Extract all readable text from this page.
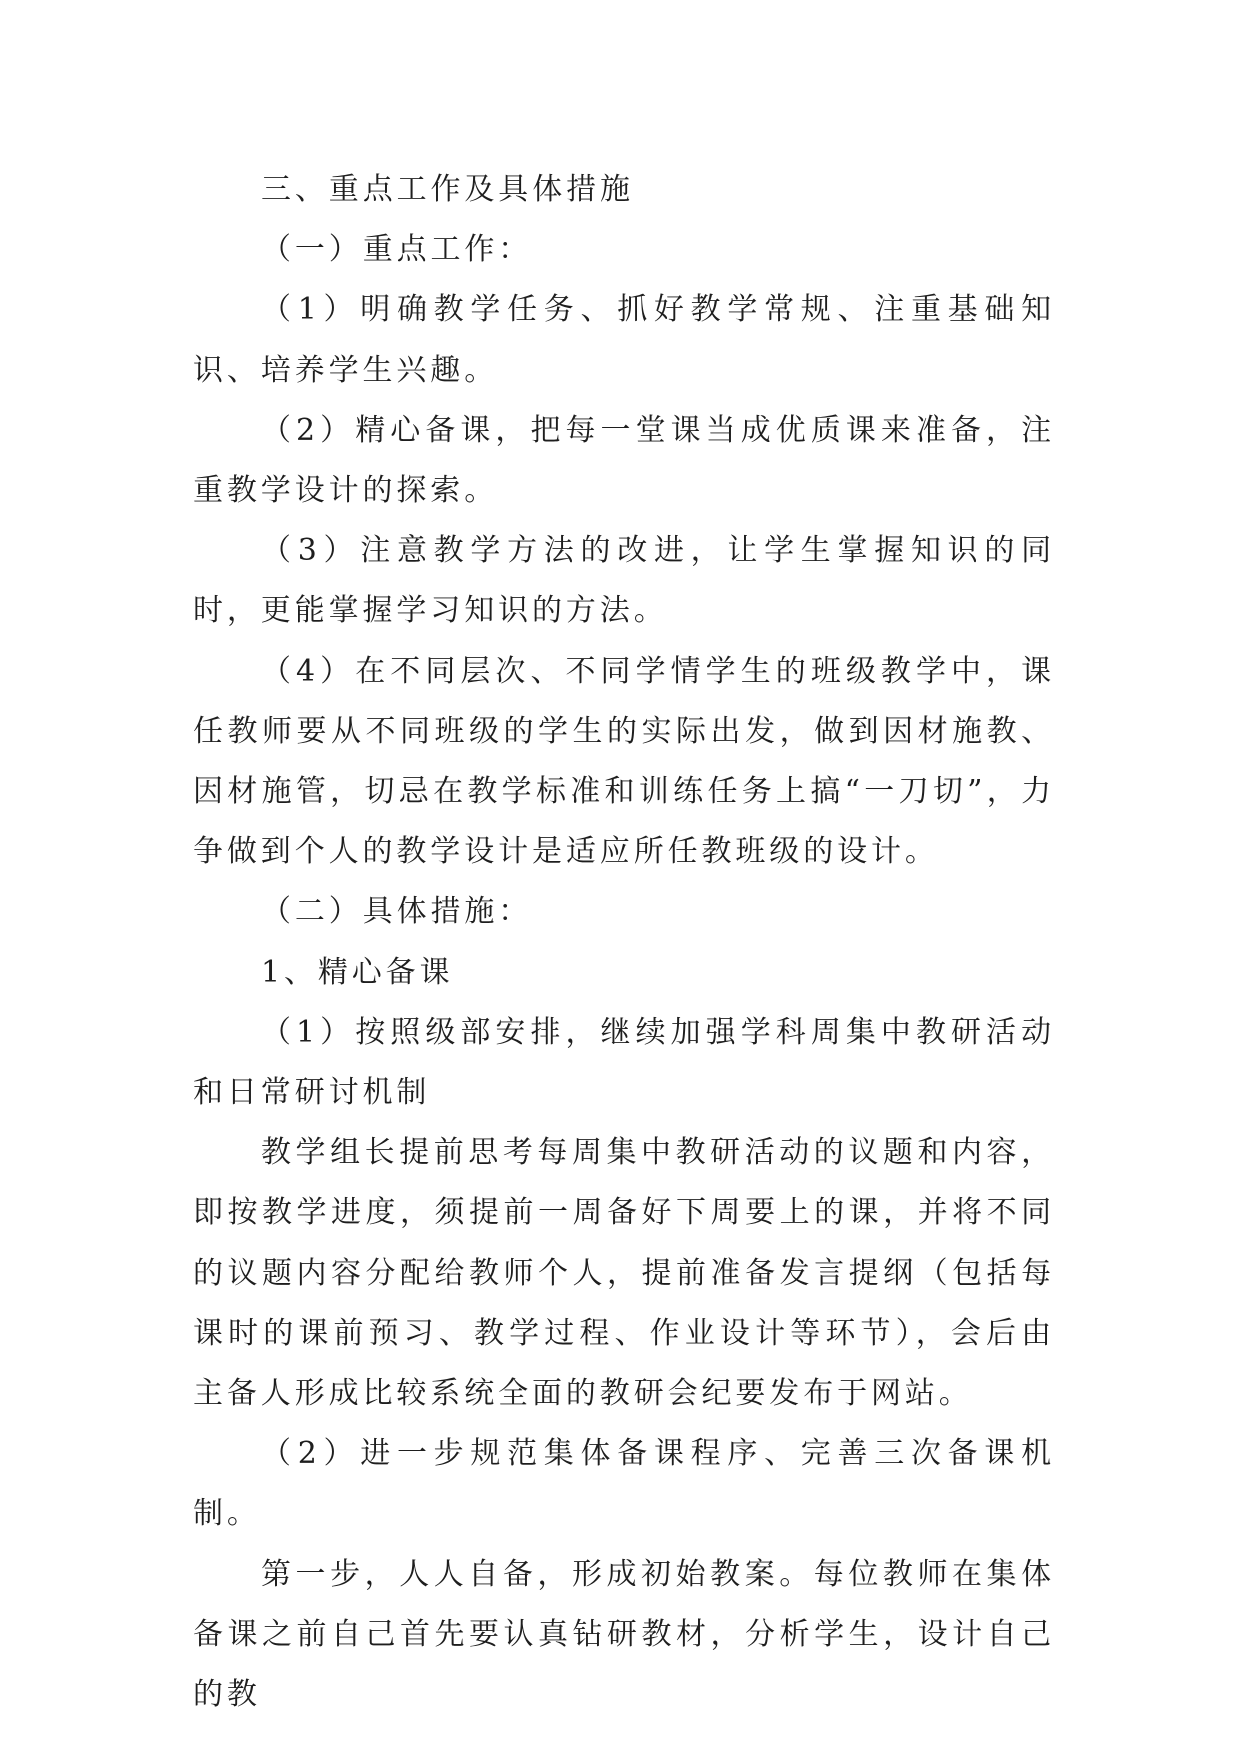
三、重点工作及具体措施

（一）重点工作：

（1）明确教学任务、抓好教学常规、注重基础知识、培养学生兴趣。

（2）精心备课，把每一堂课当成优质课来准备，注重教学设计的探索。

（3）注意教学方法的改进，让学生掌握知识的同时，更能掌握学习知识的方法。

（4）在不同层次、不同学情学生的班级教学中，课任教师要从不同班级的学生的实际出发，做到因材施教、因材施管，切忌在教学标准和训练任务上搞“一刀切”，力争做到个人的教学设计是适应所任教班级的设计。

（二）具体措施：

1、精心备课

（1）按照级部安排，继续加强学科周集中教研活动和日常研讨机制

教学组长提前思考每周集中教研活动的议题和内容，即按教学进度，须提前一周备好下周要上的课，并将不同的议题内容分配给教师个人，提前准备发言提纲（包括每课时的课前预习、教学过程、作业设计等环节），会后由主备人形成比较系统全面的教研会纪要发布于网站。

（2）进一步规范集体备课程序、完善三次备课机制。

第一步，人人自备，形成初始教案。每位教师在集体备课之前自己首先要认真钻研教材，分析学生，设计自己的教
